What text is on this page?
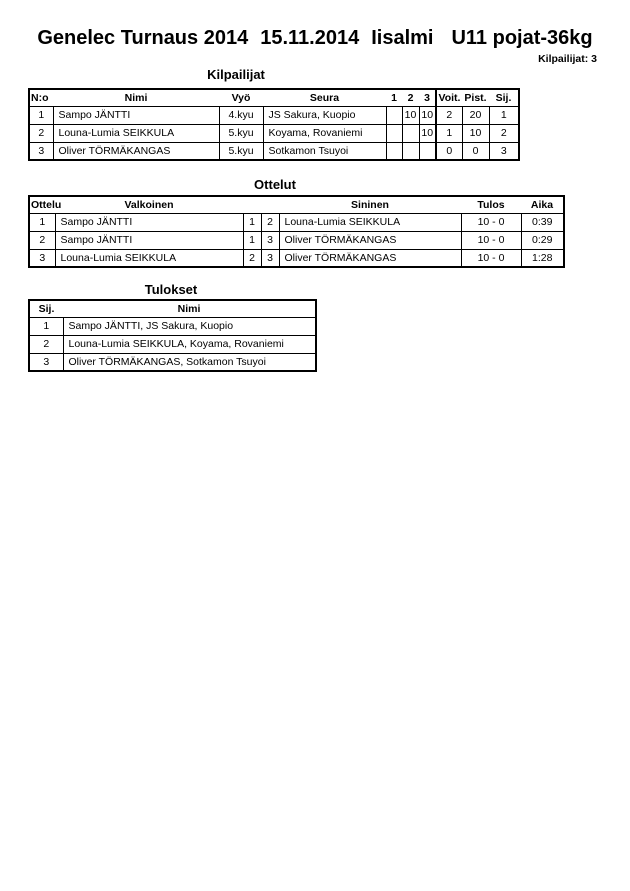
Genelec Turnaus 2014 15.11.2014 Iisalmi U11 pojat-36kg
Kilpailijat: 3
Kilpailijat
N:o	Nimi	Vyö	Seura	1	2	3	Voit.	Pist.	Sij.
1	Sampo JÄNTTI	4.kyu	JS Sakura, Kuopio		10	10	2	20	1
2	Louna-Lumia SEIKKULA	5.kyu	Koyama, Rovaniemi			10	1	10	2
3	Oliver TÖRMÄKANGAS	5.kyu	Sotkamon Tsuyoi				0	0	3
Ottelut
Ottelu	Valkoinen			Sininen	Tulos	Aika
1	Sampo JÄNTTI	1	2	Louna-Lumia SEIKKULA	10 - 0	0:39
2	Sampo JÄNTTI	1	3	Oliver TÖRMÄKANGAS	10 - 0	0:29
3	Louna-Lumia SEIKKULA	2	3	Oliver TÖRMÄKANGAS	10 - 0	1:28
Tulokset
Sij.	Nimi
1	Sampo JÄNTTI, JS Sakura, Kuopio
2	Louna-Lumia SEIKKULA, Koyama, Rovaniemi
3	Oliver TÖRMÄKANGAS, Sotkamon Tsuyoi
